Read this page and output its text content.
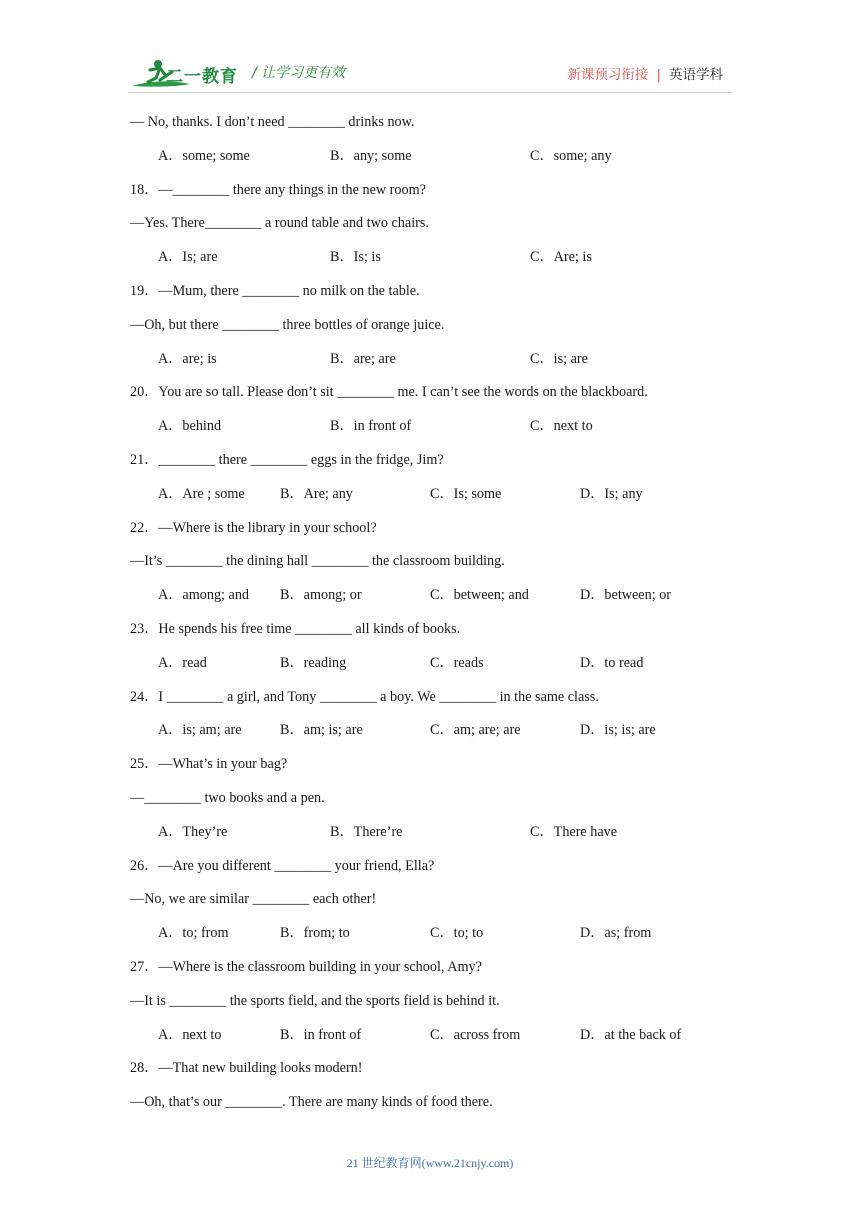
二一教育 / 让学习更有效	新课预习衔接 | 英语学科
— No, thanks. I don’t need ________ drinks now.
A．some; some	B．any; some	C．some; any
18．—________ there any things in the new room?
—Yes. There________ a round table and two chairs.
A．Is; are	B．Is; is	C．Are; is
19．—Mum, there ________ no milk on the table.
—Oh, but there ________ three bottles of orange juice.
A．are; is	B．are; are	C．is; are
20．You are so tall. Please don’t sit ________ me. I can’t see the words on the blackboard.
A．behind	B．in front of	C．next to
21．________ there ________ eggs in the fridge, Jim?
A．Are ; some B．Are; any	C．Is; some	D．Is; any
22．—Where is the library in your school?
—It’s ________ the dining hall ________ the classroom building.
A．among; and B．among; or	C．between; and	D．between; or
23．He spends his free time ________ all kinds of books.
A．read	B．reading	C．reads	D．to read
24．I ________ a girl, and Tony ________ a boy. We ________ in the same class.
A．is; am; are	B．am; is; are	C．am; are; are	D．is; is; are
25．—What’s in your bag?
—________ two books and a pen.
A．They’re	B．There’re	C．There have
26．—Are you different ________ your friend, Ella?
—No, we are similar ________ each other!
A．to; from	B．from; to	C．to; to	D．as; from
27．—Where is the classroom building in your school, Amy?
—It is ________ the sports field, and the sports field is behind it.
A．next to	B．in front of	C．across from	D．at the back of
28．—That new building looks modern!
—Oh, that’s our ________. There are many kinds of food there.
21 世纪教育网(www.21cnjy.com)
